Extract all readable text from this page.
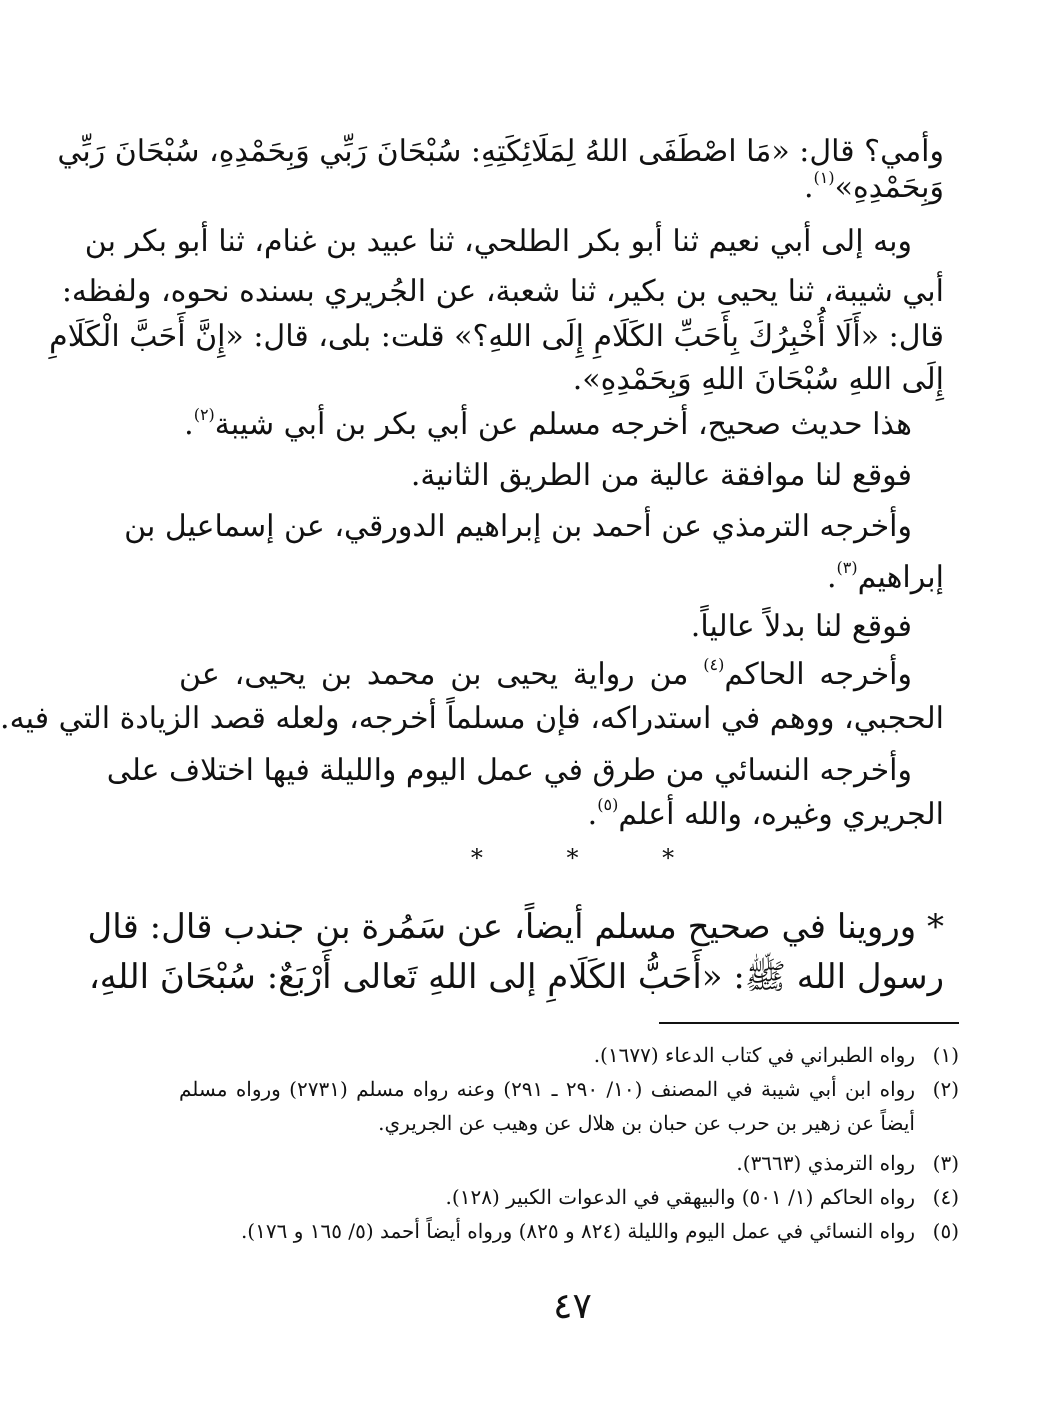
وأمي؟ قال: «مَا اصْطَفَى اللهُ لِمَلَائِكَتِهِ: سُبْحَانَ رَبِّي وَبِحَمْدِهِ، سُبْحَانَ رَبِّي
وَبِحَمْدِهِ»$^{(١)}$.
وبه إلى أبي نعيم ثنا أبو بكر الطلحي، ثنا عبيد بن غنام، ثنا أبو بكر بن
أبي شيبة، ثنا يحيى بن بكير، ثنا شعبة، عن الجُريري بسنده نحوه، ولفظه:
قال: «أَلَا أُخْبِرُكَ بِأَحَبِّ الكَلَامِ إِلَى اللهِ؟» قلت: بلى، قال: «إِنَّ أَحَبَّ الْكَلَامِ
إِلَى اللهِ سُبْحَانَ اللهِ وَبِحَمْدِهِ».
هذا حديث صحيح، أخرجه مسلم عن أبي بكر بن أبي شيبة$^{(٢)}$.
فوقع لنا موافقة عالية من الطريق الثانية.
وأخرجه الترمذي عن أحمد بن إبراهيم الدورقي، عن إسماعيل بن
إبراهيم$^{(٣)}$.
فوقع لنا بدلاً عالياً.
وأخرجه الحاكم$^{(٤)}$ من رواية يحيى بن محمد بن يحيى، عن
الحجبي، ووهم في استدراكه، فإن مسلماً أخرجه، ولعله قصد الزيادة التي فيه.
وأخرجه النسائي من طرق في عمل اليوم والليلة فيها اختلاف على
الجريري وغيره، والله أعلم$^{(٥)}$.
*	*	*
* وروينا في صحيح مسلم أيضاً، عن سَمُرة بن جندب قال: قال
رسول الله ﷺ: «أَحَبُّ الكَلَامِ إلى اللهِ تَعالى أَرْبَعٌ: سُبْحَانَ اللهِ،
(١)رواه الطبراني في كتاب الدعاء (١٦٧٧).
(٢)رواه ابن أبي شيبة في المصنف (١٠/ ٢٩٠ ـ ٢٩١) وعنه رواه مسلم (٢٧٣١) ورواه مسلم
أيضاً عن زهير بن حرب عن حبان بن هلال عن وهيب عن الجريري.
(٣)رواه الترمذي (٣٦٦٣).
(٤)رواه الحاكم (١/ ٥٠١) والبيهقي في الدعوات الكبير (١٢٨).
(٥)رواه النسائي في عمل اليوم والليلة (٨٢٤ و ٨٢٥) ورواه أيضاً أحمد (٥/ ١٦٥ و ١٧٦).
٤٧
